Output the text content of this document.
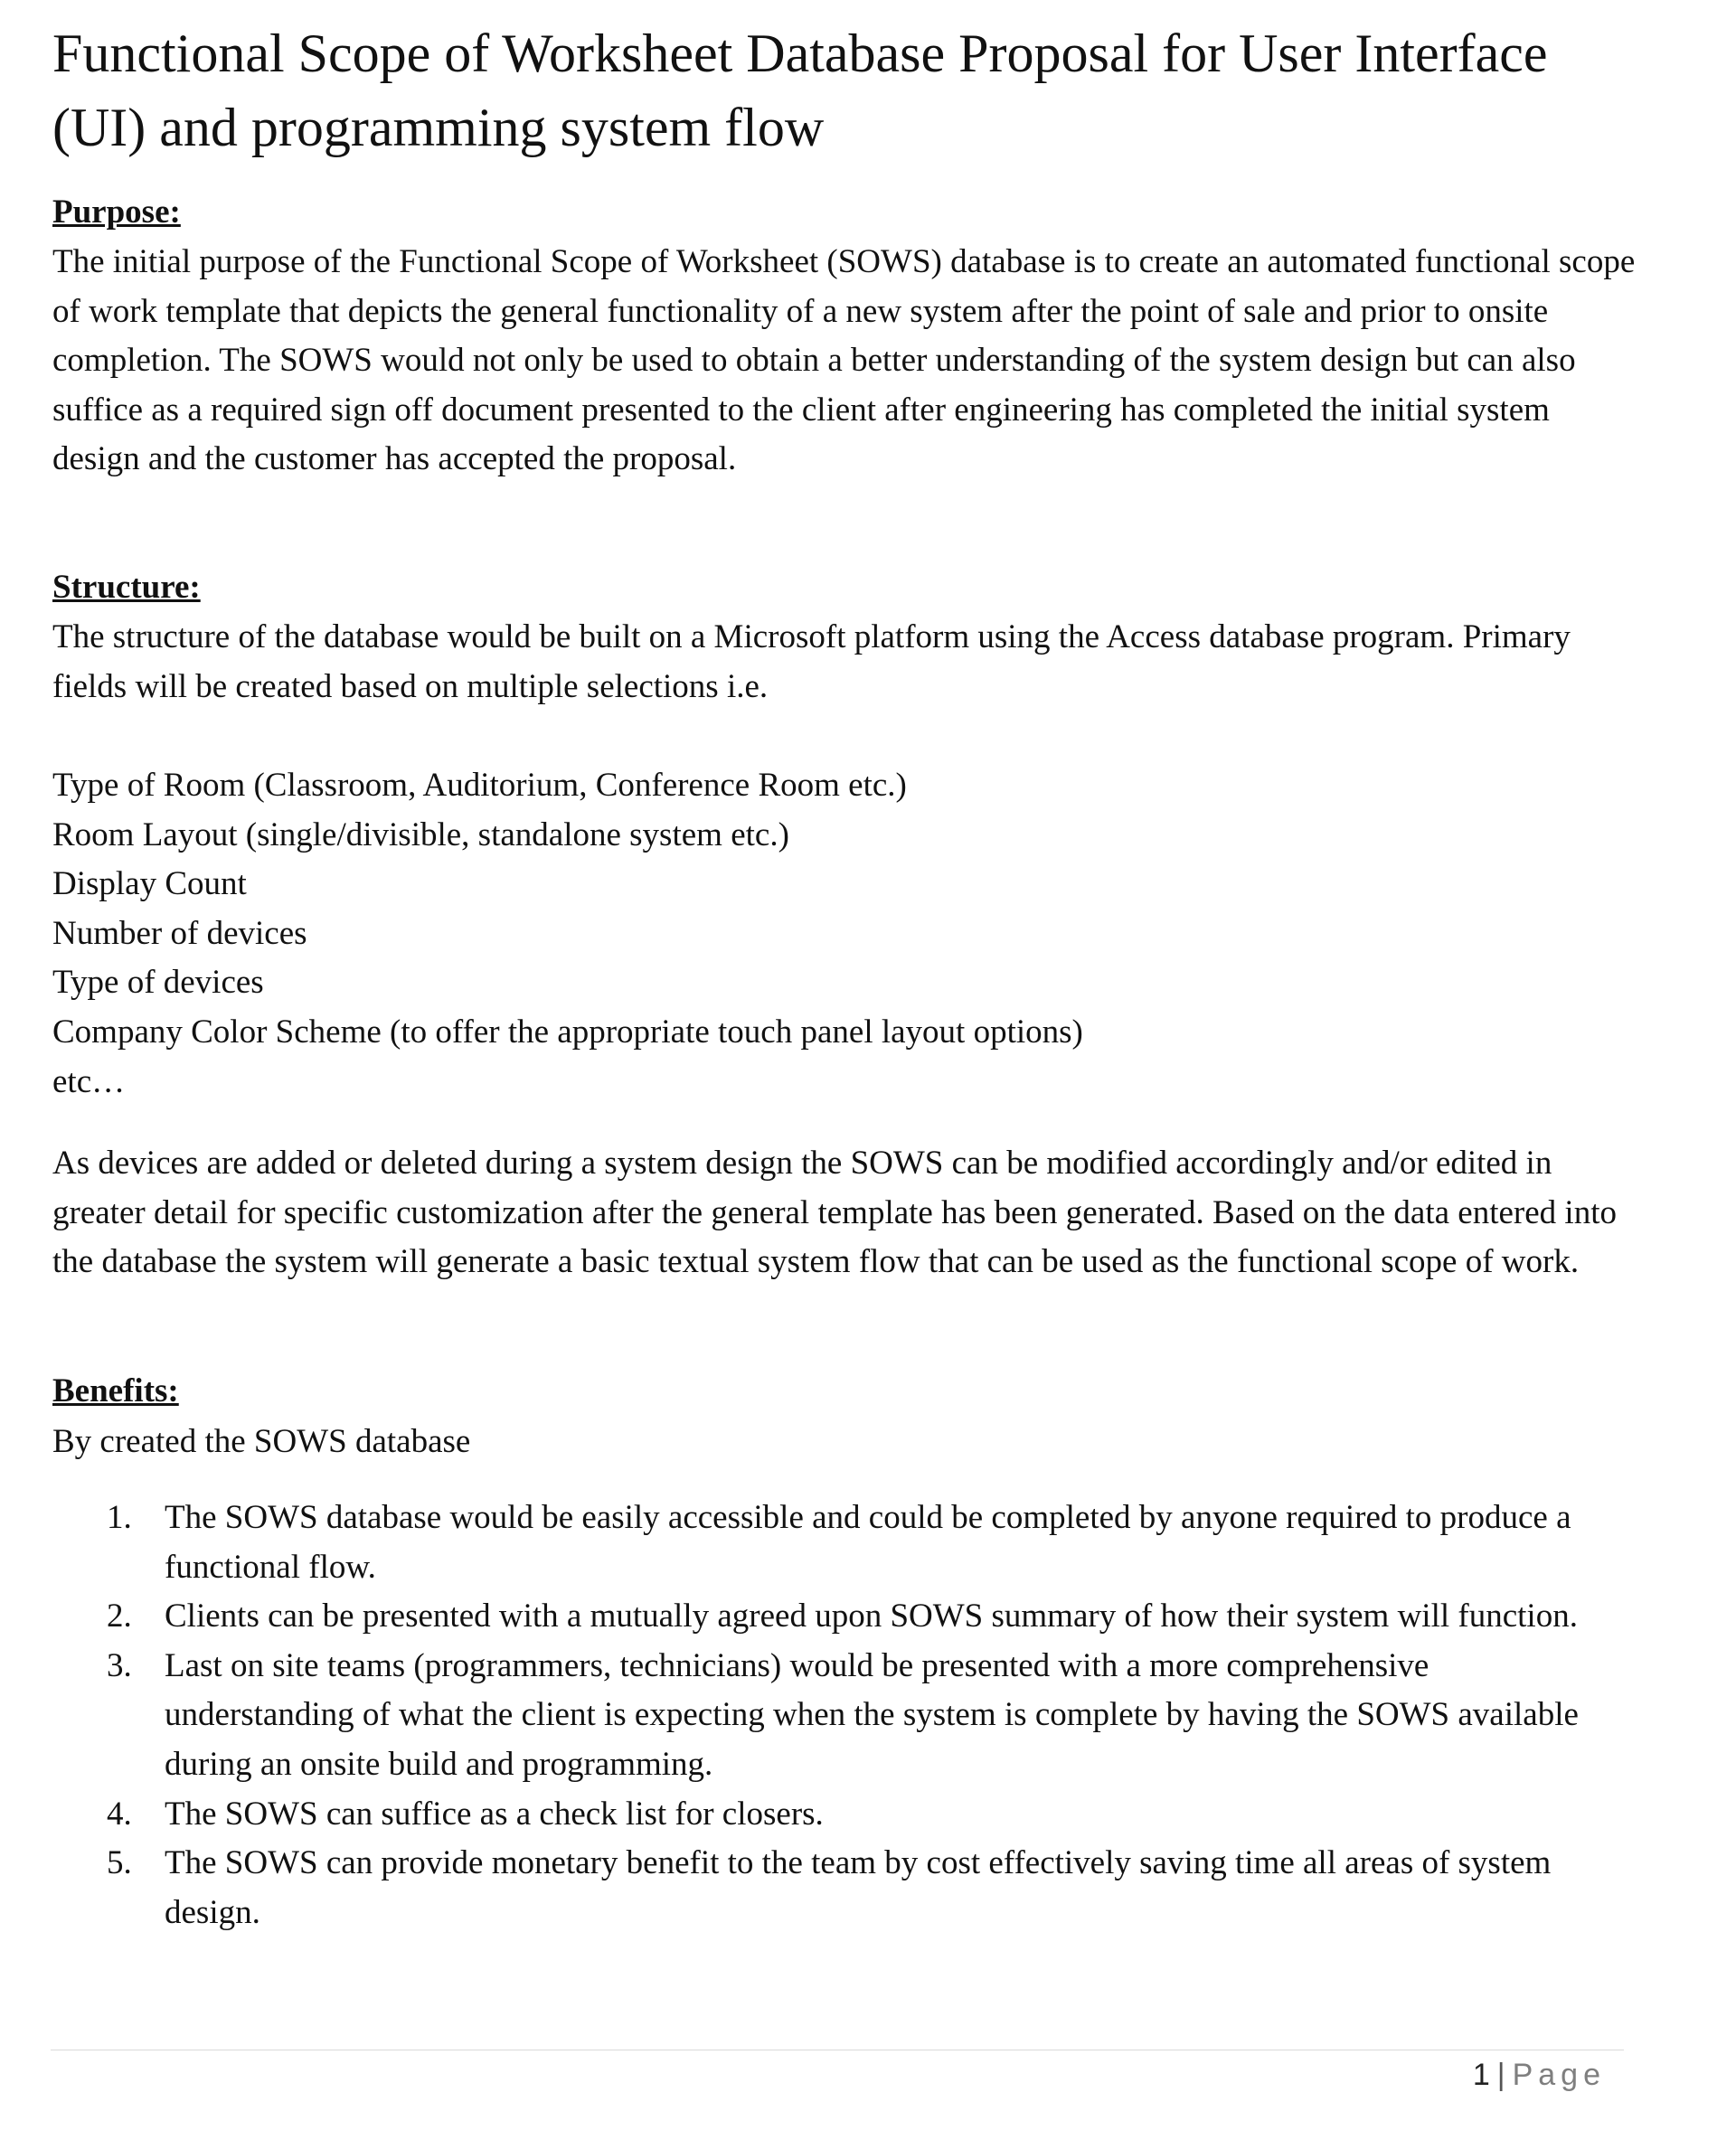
Functional Scope of Worksheet Database Proposal for User Interface (UI) and programming system flow
Purpose:

The initial purpose of the Functional Scope of Worksheet (SOWS) database is to create an automated functional scope of work template that depicts the general functionality of a new system after the point of sale and prior to onsite completion. The SOWS would not only be used to obtain a better understanding of the system design but can also suffice as a required sign off document presented to the client after engineering has completed the initial system design and the customer has accepted the proposal.

Structure:

The structure of the database would be built on a Microsoft platform using the Access database program. Primary fields will be created based on multiple selections i.e.

Type of Room (Classroom, Auditorium, Conference Room etc.)
Room Layout (single/divisible, standalone system etc.)
Display Count
Number of devices
Type of devices
Company Color Scheme (to offer the appropriate touch panel layout options)
etc…

As devices are added or deleted during a system design the SOWS can be modified accordingly and/or edited in greater detail for specific customization after the general template has been generated. Based on the data entered into the database the system will generate a basic textual system flow that can be used as the functional scope of work.

Benefits:

By created the SOWS database

1. The SOWS database would be easily accessible and could be completed by anyone required to produce a functional flow.
2. Clients can be presented with a mutually agreed upon SOWS summary of how their system will function.
3. Last on site teams (programmers, technicians) would be presented with a more comprehensive understanding of what the client is expecting when the system is complete by having the SOWS available during an onsite build and programming.
4. The SOWS can suffice as a check list for closers.
5. The SOWS can provide monetary benefit to the team by cost effectively saving time all areas of system design.
1 | Page
